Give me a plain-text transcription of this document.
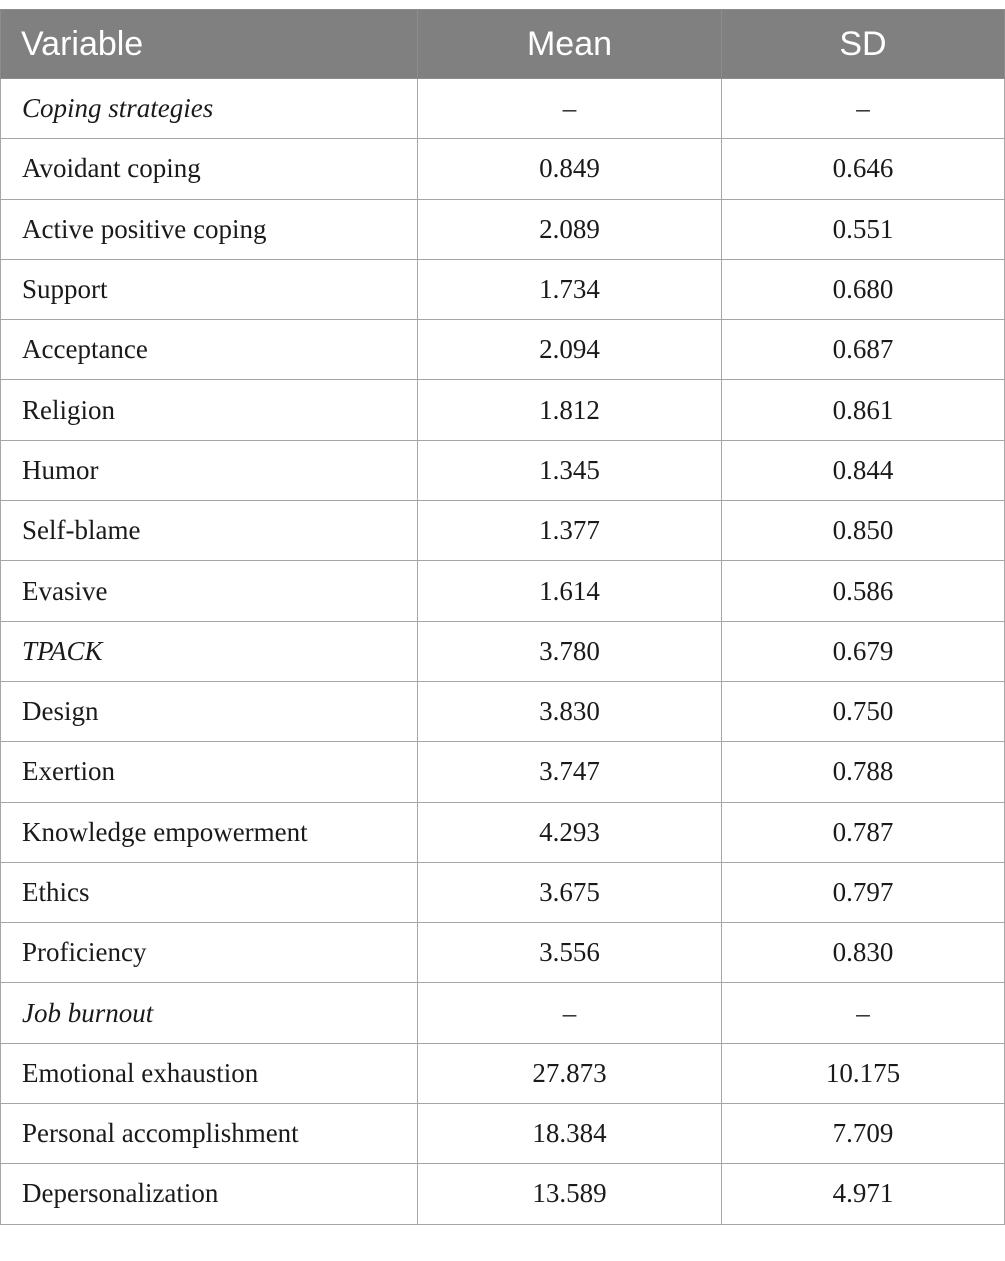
Variable	Mean	SD
Coping strategies	–	–
Avoidant coping	0.849	0.646
Active positive coping	2.089	0.551
Support	1.734	0.680
Acceptance	2.094	0.687
Religion	1.812	0.861
Humor	1.345	0.844
Self-blame	1.377	0.850
Evasive	1.614	0.586
TPACK	3.780	0.679
Design	3.830	0.750
Exertion	3.747	0.788
Knowledge empowerment	4.293	0.787
Ethics	3.675	0.797
Proficiency	3.556	0.830
Job burnout	–	–
Emotional exhaustion	27.873	10.175
Personal accomplishment	18.384	7.709
Depersonalization	13.589	4.971
